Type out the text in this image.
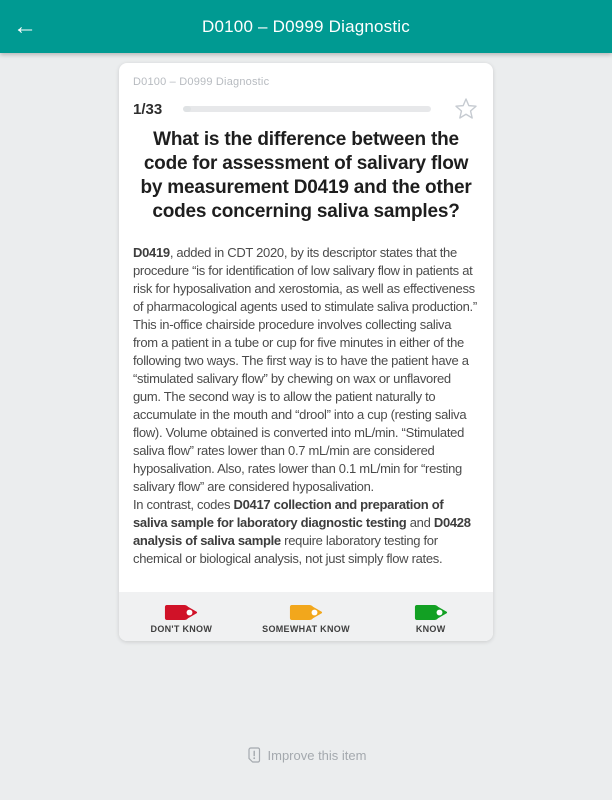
←	D0100 – D0999 Diagnostic
D0100 – D0999 Diagnostic
1/33
What is the difference between the code for assessment of salivary flow by measurement D0419 and the other codes concerning saliva samples?

D0419, added in CDT 2020, by its descriptor states that the procedure “is for identification of low salivary flow in patients at risk for hyposalivation and xerostomia, as well as effectiveness of pharmacological agents used to stimulate saliva production.”

This in-office chairside procedure involves collecting saliva from a patient in a tube or cup for five minutes in either of the following two ways. The first way is to have the patient have a “stimulated salivary flow” by chewing on wax or unflavored gum. The second way is to allow the patient naturally to accumulate in the mouth and “drool” into a cup (resting saliva flow). Volume obtained is converted into mL/min. “Stimulated saliva flow” rates lower than 0.7 mL/min are considered hyposalivation. Also, rates lower than 0.1 mL/min for “resting salivary flow” are considered hyposalivation.

In contrast, codes D0417 collection and preparation of saliva sample for laboratory diagnostic testing and D0428 analysis of saliva sample require laboratory testing for chemical or biological analysis, not just simply flow rates.

DON'T KNOW	SOMEWHAT KNOW	KNOW
Improve this item
